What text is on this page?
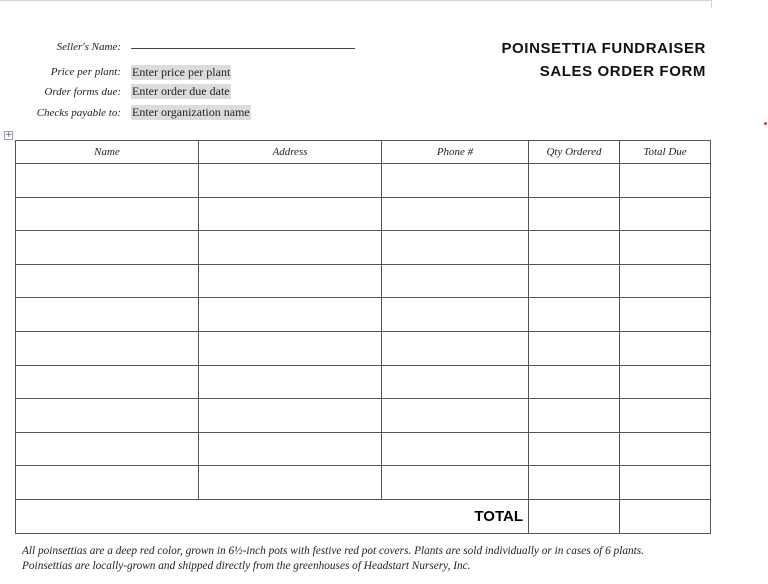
Seller's Name:
Price per plant: Enter price per plant
Order forms due: Enter order due date
Checks payable to: Enter organization name
POINSETTIA FUNDRAISER
SALES ORDER FORM
+
Name	Address	Phone #	Qty Ordered	Total Due

TOTAL				
All poinsettias are a deep red color, grown in 6½-inch pots with festive red pot covers. Plants are sold individually or in cases of 6 plants.
Poinsettias are locally-grown and shipped directly from the greenhouses of Headstart Nursery, Inc.
